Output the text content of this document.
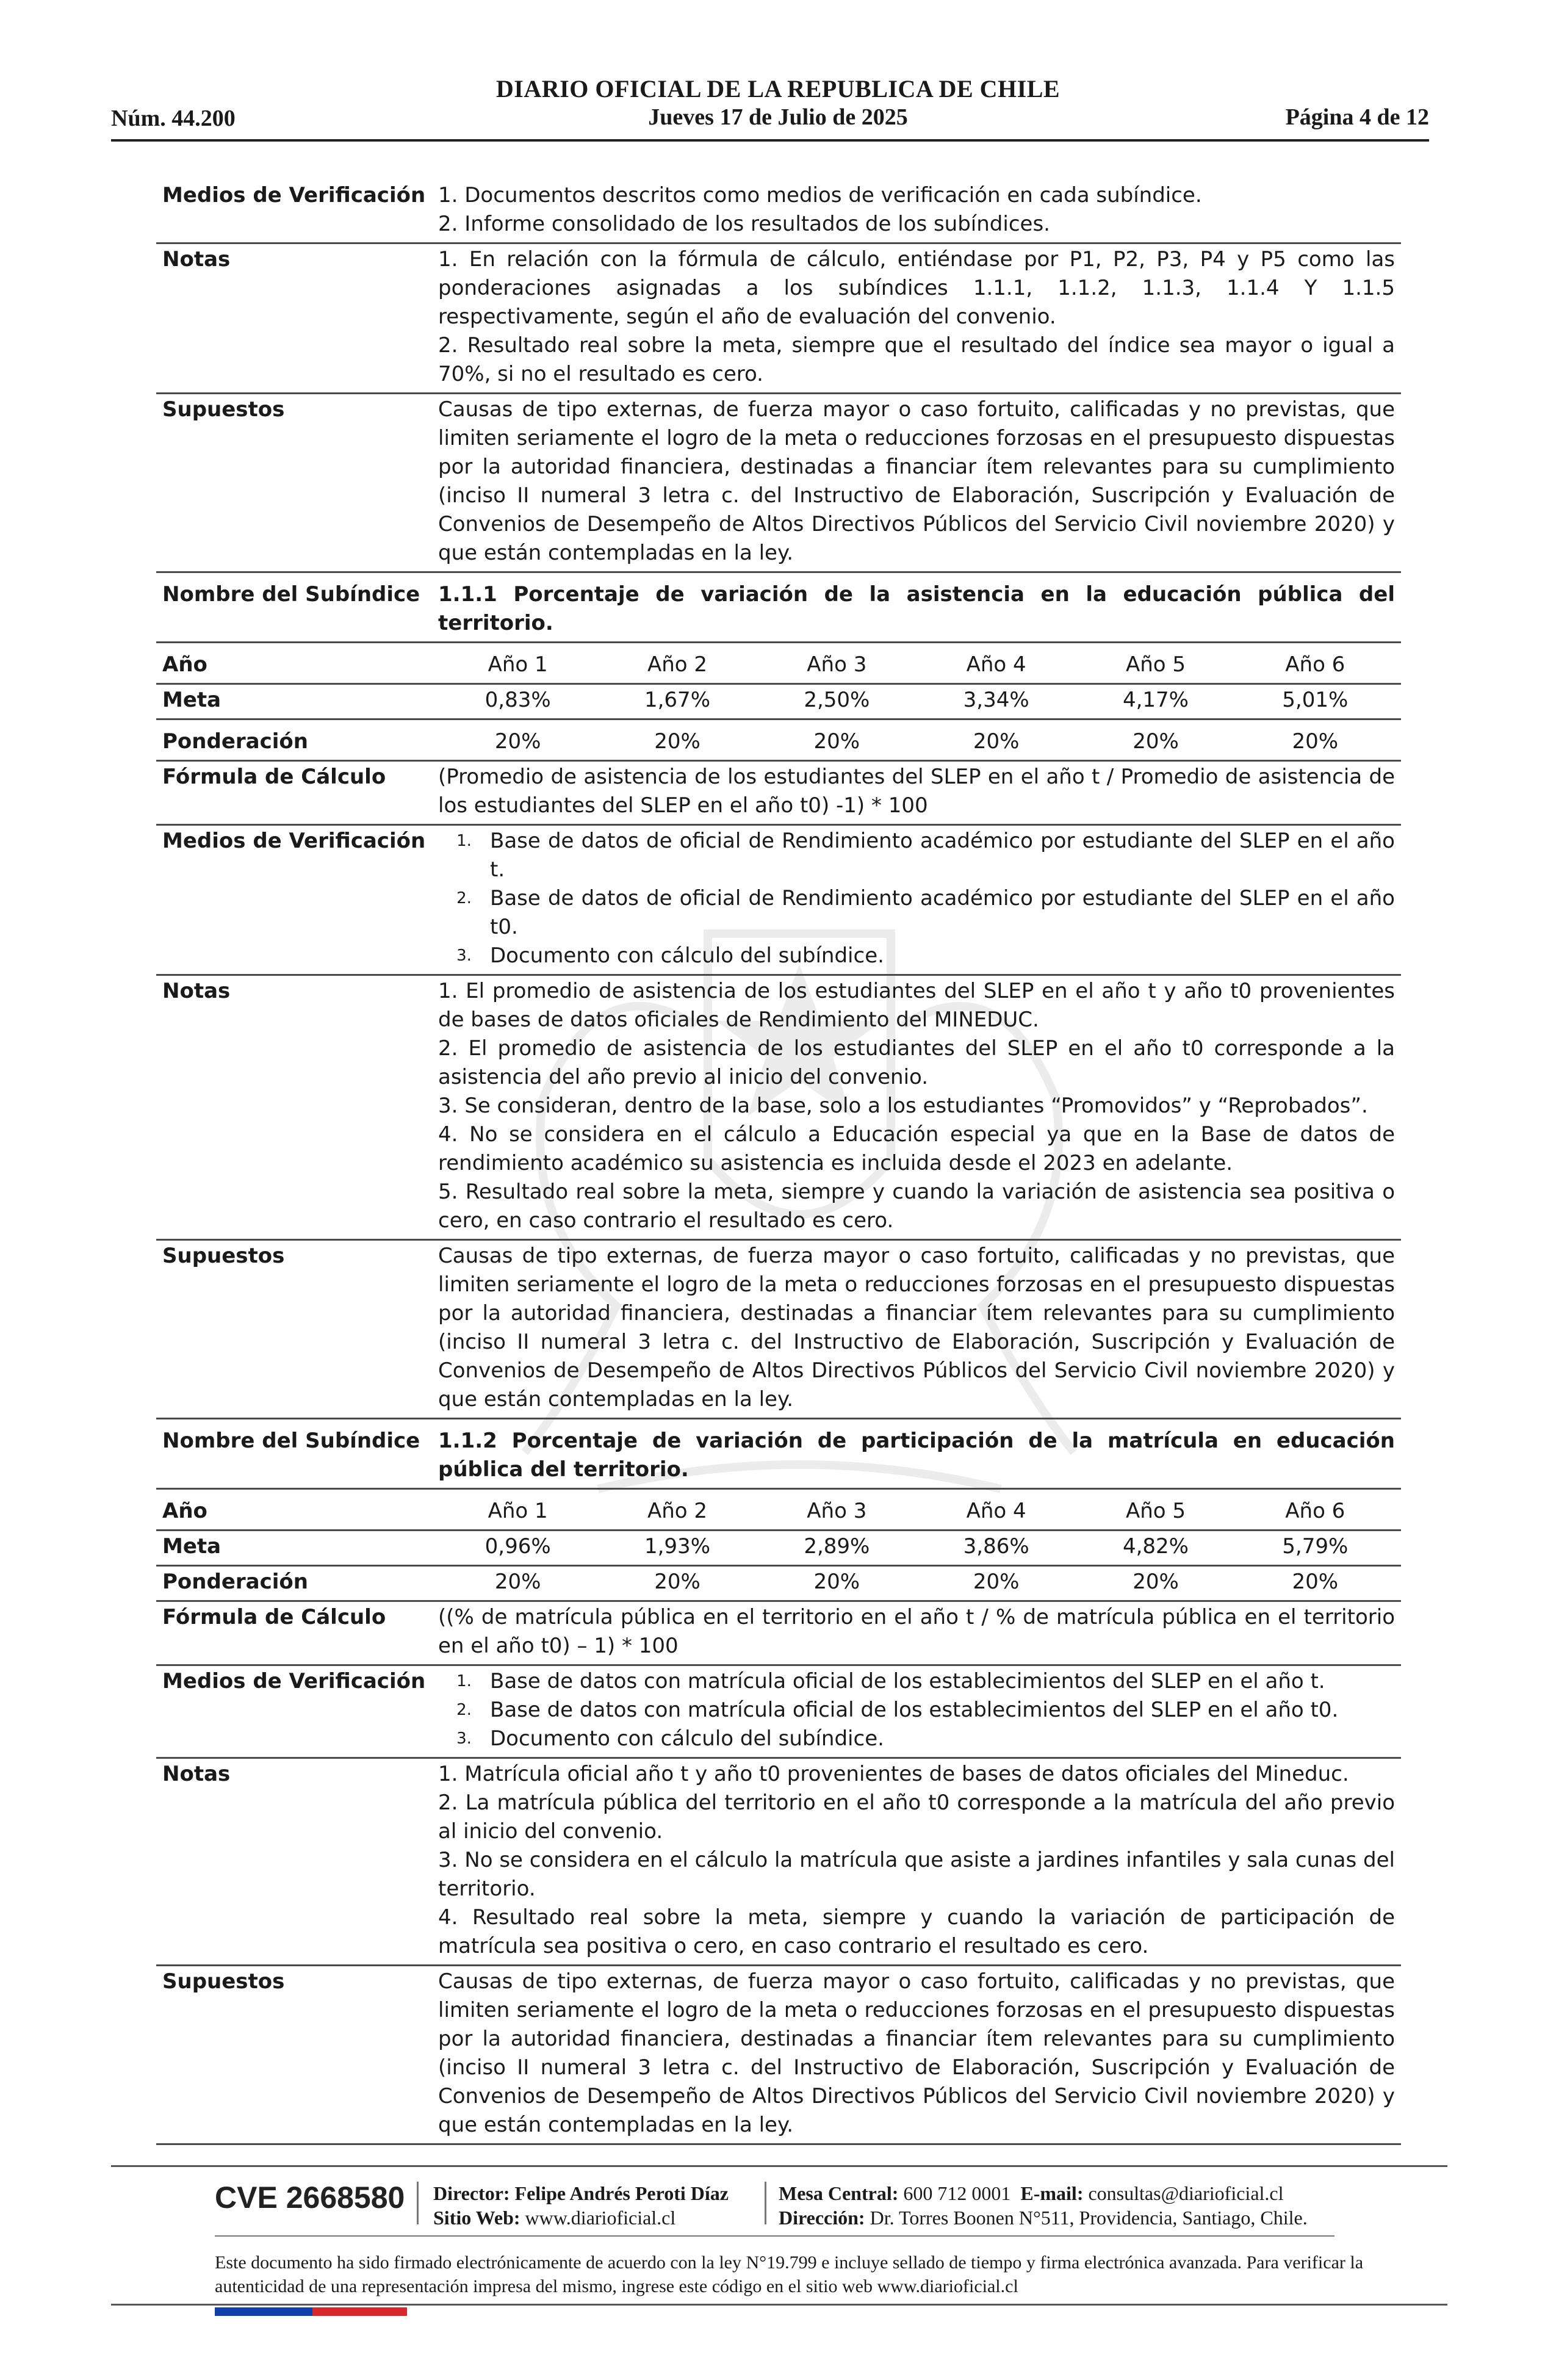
DIARIO OFICIAL DE LA REPUBLICA DE CHILE
Núm. 44.200	Jueves 17 de Julio de 2025	Página 4 de 12
Medios de Verificación 1. Documentos descritos como medios de verificación en cada subíndice.
2. Informe consolidado de los resultados de los subíndices.
Notas	1. En relación con la fórmula de cálculo, entiéndase por P1, P2, P3, P4 y P5 como las ponderaciones asignadas a los subíndices 1.1.1, 1.1.2, 1.1.3, 1.1.4 Y 1.1.5 respectivamente, según el año de evaluación del convenio.
2. Resultado real sobre la meta, siempre que el resultado del índice sea mayor o igual a 70%, si no el resultado es cero.
Supuestos	Causas de tipo externas, de fuerza mayor o caso fortuito, calificadas y no previstas, que limiten seriamente el logro de la meta o reducciones forzosas en el presupuesto dispuestas por la autoridad financiera, destinadas a financiar ítem relevantes para su cumplimiento (inciso II numeral 3 letra c. del Instructivo de Elaboración, Suscripción y Evaluación de Convenios de Desempeño de Altos Directivos Públicos del Servicio Civil noviembre 2020) y que están contempladas en la ley.
Nombre del Subíndice 1.1.1 Porcentaje de variación de la asistencia en la educación pública del territorio.
Año	Año 1	Año 2	Año 3	Año 4	Año 5	Año 6
Meta	0,83%	1,67%	2,50%	3,34%	4,17%	5,01%
Ponderación	20%	20%	20%	20%	20%	20%
Fórmula de Cálculo	(Promedio de asistencia de los estudiantes del SLEP en el año t / Promedio de asistencia de los estudiantes del SLEP en el año t0) -1) * 100
Medios de Verificación	1. Base de datos de oficial de Rendimiento académico por estudiante del SLEP en el año t.
2. Base de datos de oficial de Rendimiento académico por estudiante del SLEP en el año t0.
3. Documento con cálculo del subíndice.
Notas	1. El promedio de asistencia de los estudiantes del SLEP en el año t y año t0 provenientes de bases de datos oficiales de Rendimiento del MINEDUC.
2. El promedio de asistencia de los estudiantes del SLEP en el año t0 corresponde a la asistencia del año previo al inicio del convenio.
3. Se consideran, dentro de la base, solo a los estudiantes “Promovidos” y “Reprobados”.
4. No se considera en el cálculo a Educación especial ya que en la Base de datos de rendimiento académico su asistencia es incluida desde el 2023 en adelante.
5. Resultado real sobre la meta, siempre y cuando la variación de asistencia sea positiva o cero, en caso contrario el resultado es cero.
Supuestos	Causas de tipo externas, de fuerza mayor o caso fortuito, calificadas y no previstas, que limiten seriamente el logro de la meta o reducciones forzosas en el presupuesto dispuestas por la autoridad financiera, destinadas a financiar ítem relevantes para su cumplimiento (inciso II numeral 3 letra c. del Instructivo de Elaboración, Suscripción y Evaluación de Convenios de Desempeño de Altos Directivos Públicos del Servicio Civil noviembre 2020) y que están contempladas en la ley.
Nombre del Subíndice 1.1.2 Porcentaje de variación de participación de la matrícula en educación pública del territorio.
Año	Año 1	Año 2	Año 3	Año 4	Año 5	Año 6
Meta	0,96%	1,93%	2,89%	3,86%	4,82%	5,79%
Ponderación	20%	20%	20%	20%	20%	20%
Fórmula de Cálculo	((% de matrícula pública en el territorio en el año t / % de matrícula pública en el territorio en el año t0) – 1) * 100
Medios de Verificación	1. Base de datos con matrícula oficial de los establecimientos del SLEP en el año t.
2. Base de datos con matrícula oficial de los establecimientos del SLEP en el año t0.
3. Documento con cálculo del subíndice.
Notas	1. Matrícula oficial año t y año t0 provenientes de bases de datos oficiales del Mineduc.
2. La matrícula pública del territorio en el año t0 corresponde a la matrícula del año previo al inicio del convenio.
3. No se considera en el cálculo la matrícula que asiste a jardines infantiles y sala cunas del territorio.
4. Resultado real sobre la meta, siempre y cuando la variación de participación de matrícula sea positiva o cero, en caso contrario el resultado es cero.
Supuestos	Causas de tipo externas, de fuerza mayor o caso fortuito, calificadas y no previstas, que limiten seriamente el logro de la meta o reducciones forzosas en el presupuesto dispuestas por la autoridad financiera, destinadas a financiar ítem relevantes para su cumplimiento (inciso II numeral 3 letra c. del Instructivo de Elaboración, Suscripción y Evaluación de Convenios de Desempeño de Altos Directivos Públicos del Servicio Civil noviembre 2020) y que están contempladas en la ley.
CVE 2668580 Director: Felipe Andrés Peroti Díaz
Sitio Web: www.diarioficial.cl
Mesa Central: 600 712 0001 E-mail: consultas@diarioficial.cl
Dirección: Dr. Torres Boonen N°511, Providencia, Santiago, Chile.
Este documento ha sido firmado electrónicamente de acuerdo con la ley N°19.799 e incluye sellado de tiempo y firma electrónica avanzada. Para verificar la autenticidad de una representación impresa del mismo, ingrese este código en el sitio web www.diarioficial.cl
